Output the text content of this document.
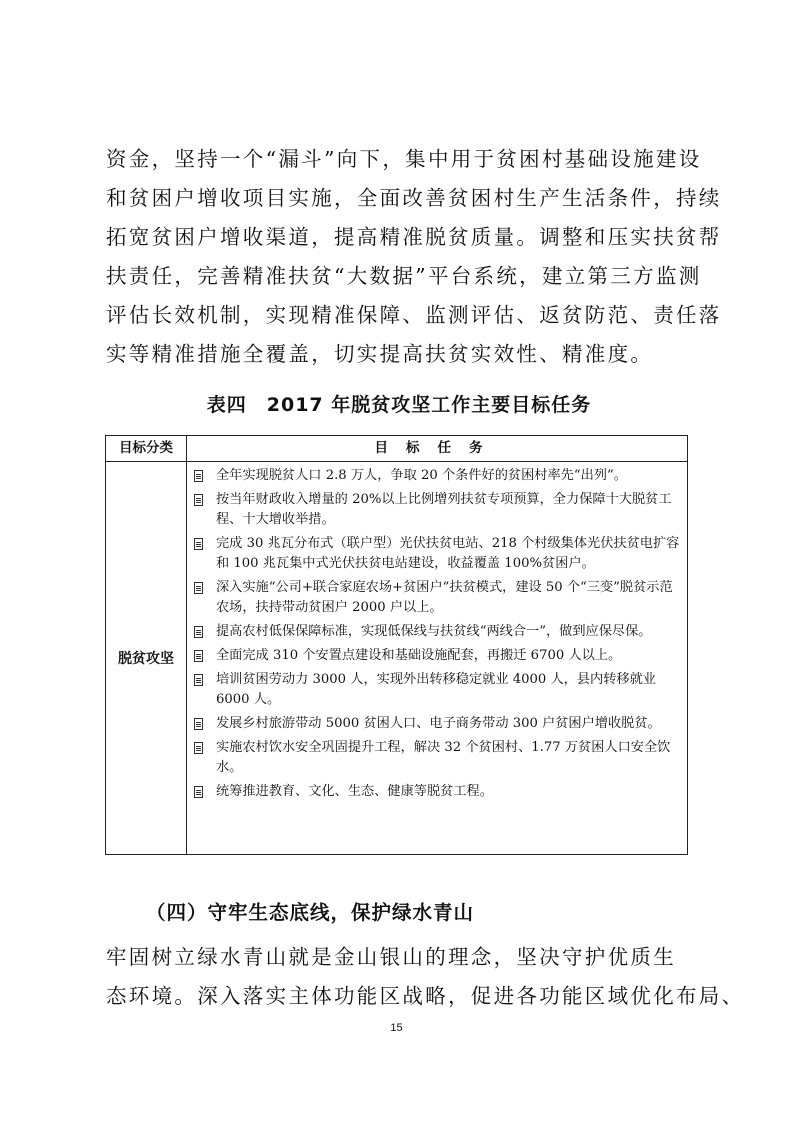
资金，坚持一个“漏斗”向下，集中用于贫困村基础设施建设
和贫困户增收项目实施，全面改善贫困村生产生活条件，持续
拓宽贫困户增收渠道，提高精准脱贫质量。调整和压实扶贫帮
扶责任，完善精准扶贫“大数据”平台系统，建立第三方监测
评估长效机制，实现精准保障、监测评估、返贫防范、责任落
实等精准措施全覆盖，切实提高扶贫实效性、精准度。
表四　2017 年脱贫攻坚工作主要目标任务
目标分类	目标任务
脱贫攻坚
全年实现脱贫人口 2.8 万人，争取 20 个条件好的贫困村率先“出列”。
按当年财政收入增量的 20%以上比例增列扶贫专项预算，全力保障十大脱贫工程、十大增收举措。
完成 30 兆瓦分布式（联户型）光伏扶贫电站、218 个村级集体光伏扶贫电扩容和 100 兆瓦集中式光伏扶贫电站建设，收益覆盖 100%贫困户。
深入实施“公司+联合家庭农场+贫困户”扶贫模式，建设 50 个“三变”脱贫示范农场，扶持带动贫困户 2000 户以上。
提高农村低保保障标准，实现低保线与扶贫线“两线合一”，做到应保尽保。
全面完成 310 个安置点建设和基础设施配套，再搬迁 6700 人以上。
培训贫困劳动力 3000 人，实现外出转移稳定就业 4000 人，县内转移就业 6000 人。
发展乡村旅游带动 5000 贫困人口、电子商务带动 300 户贫困户增收脱贫。
实施农村饮水安全巩固提升工程，解决 32 个贫困村、1.77 万贫困人口安全饮水。
统筹推进教育、文化、生态、健康等脱贫工程。
（四）守牢生态底线，保护绿水青山
牢固树立绿水青山就是金山银山的理念，坚决守护优质生
态环境。深入落实主体功能区战略，促进各功能区域优化布局、
15
